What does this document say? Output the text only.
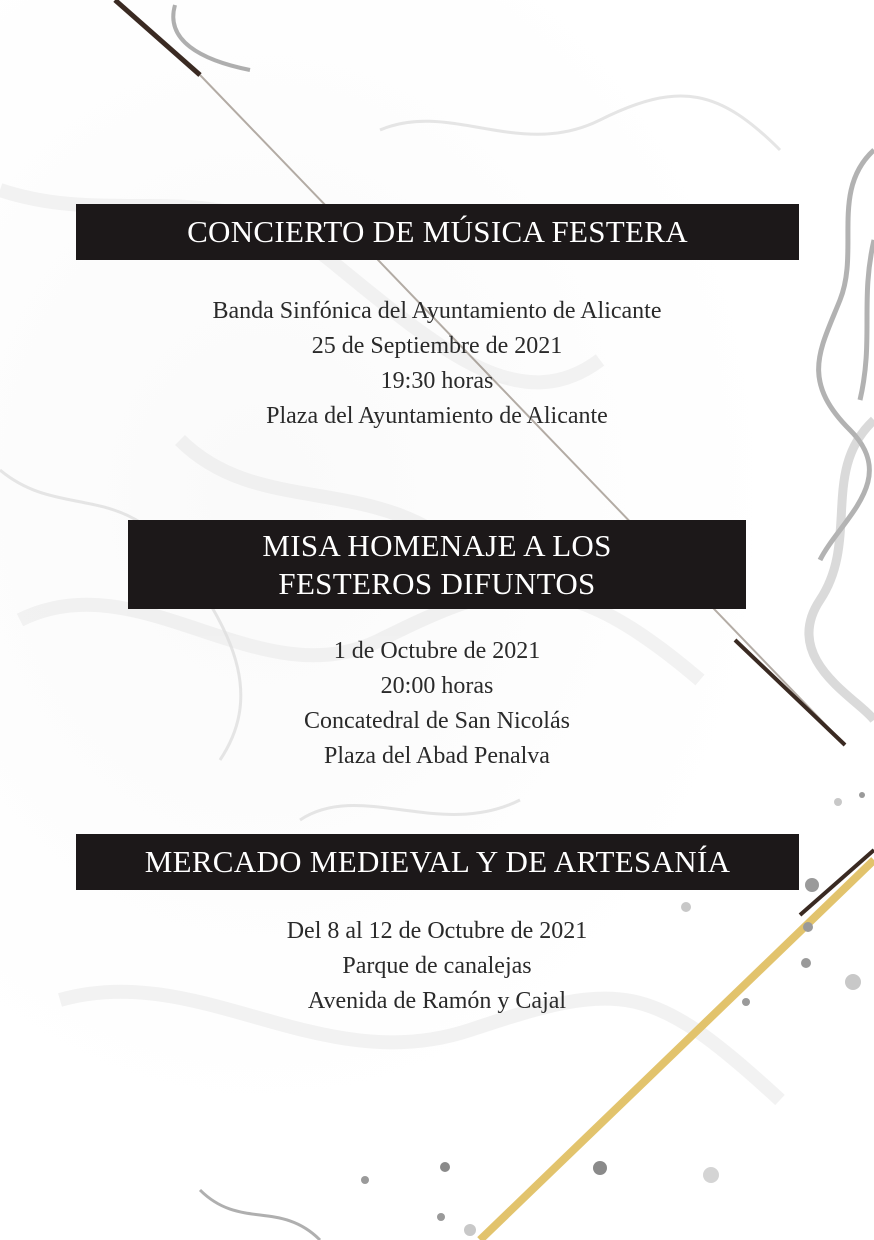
CONCIERTO DE MÚSICA FESTERA
Banda Sinfónica del Ayuntamiento de Alicante
25 de Septiembre de 2021
19:30 horas
Plaza del Ayuntamiento de Alicante
MISA HOMENAJE A LOS
FESTEROS DIFUNTOS
1 de Octubre de 2021
20:00 horas
Concatedral de San Nicolás
Plaza del Abad Penalva
MERCADO MEDIEVAL Y DE ARTESANÍA
Del 8 al 12 de Octubre de 2021
Parque de canalejas
Avenida de Ramón y Cajal
